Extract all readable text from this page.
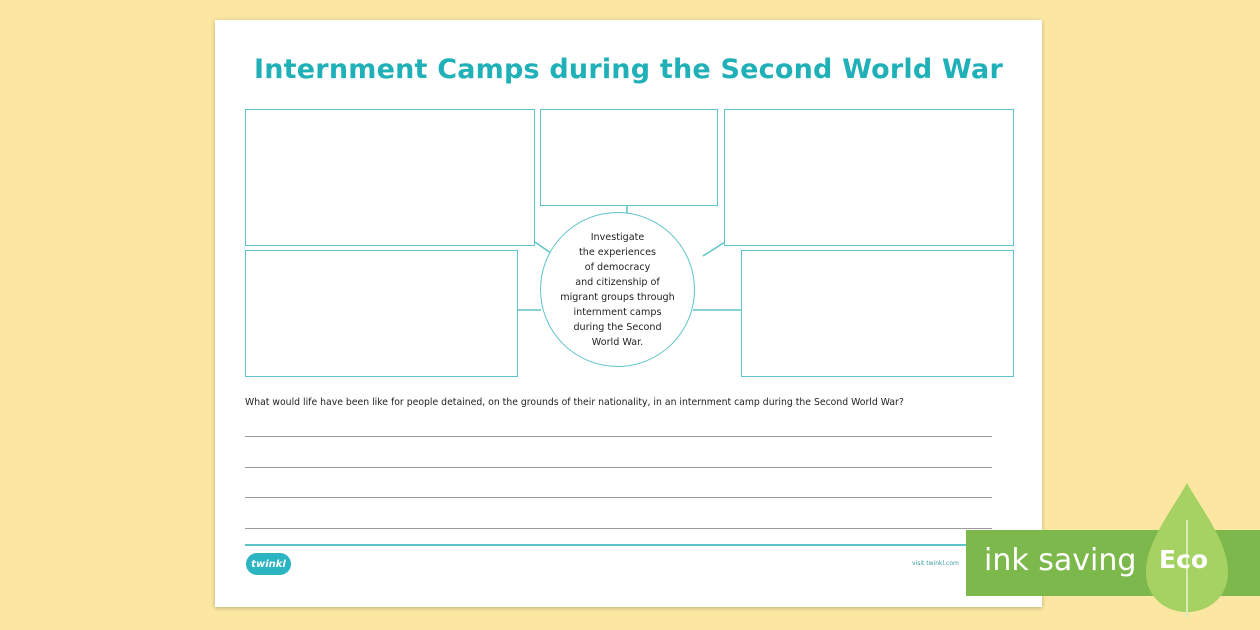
Internment Camps during the Second World War
Investigate
the experiences
of democracy
and citizenship of
migrant groups through
internment camps
during the Second
World War.
What would life have been like for people detained, on the grounds of their nationality, in an internment camp during the Second World War?
twinkl	visit twinkl.com ink saving Eco
